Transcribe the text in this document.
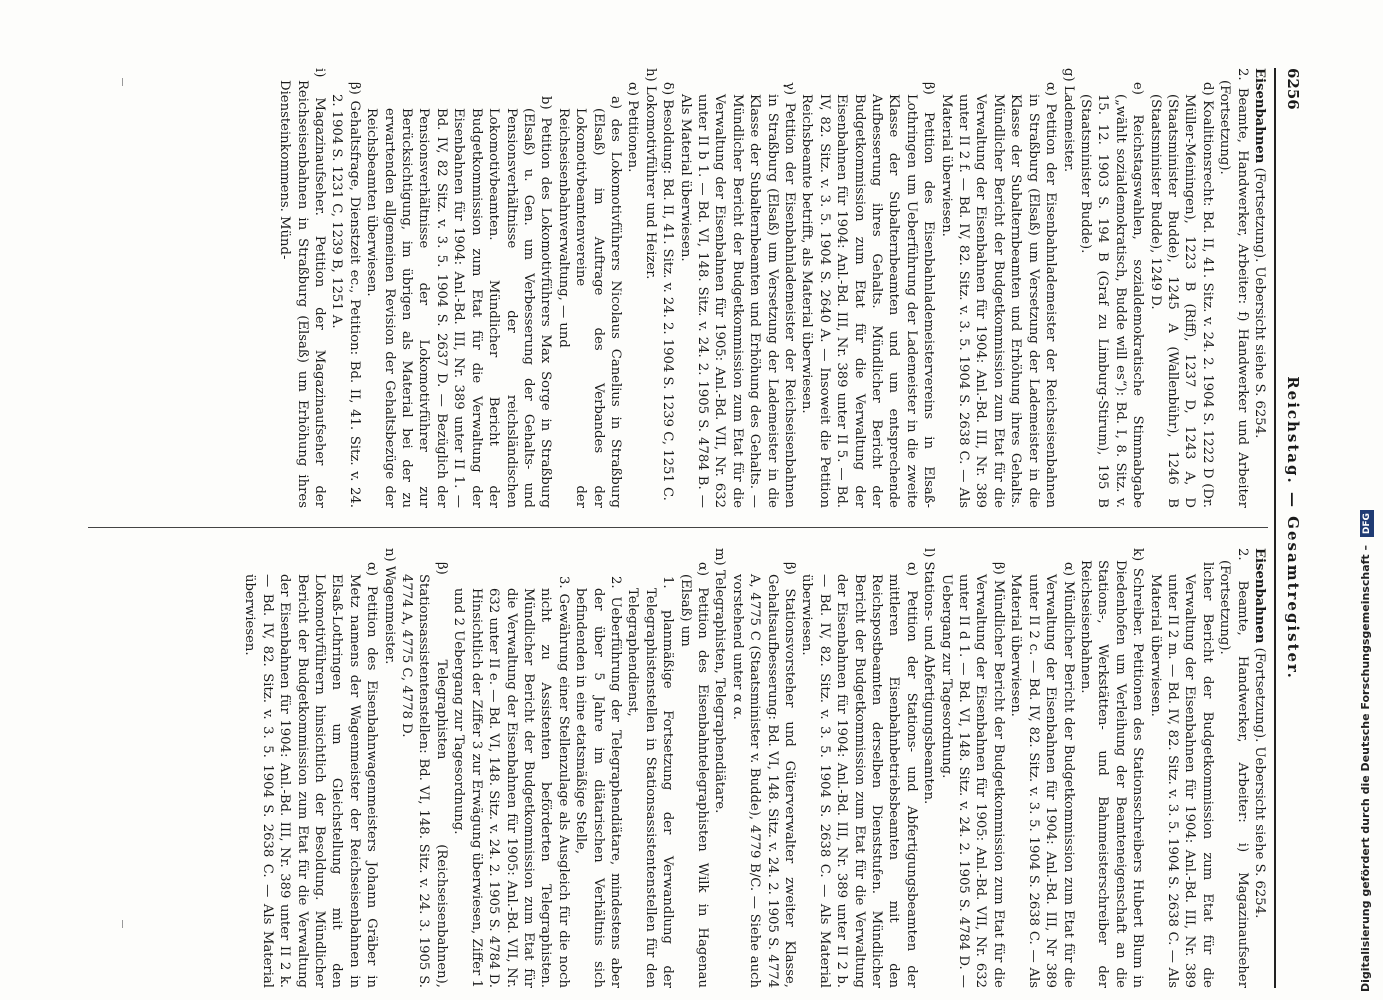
6256
Reichstag. — Gesamtregister.

Eisenbahnen (Fortsetzung). Uebersicht siehe S. 6254.

2. Beamte, Handwerker, Arbeiter: f) Handwerker und Arbeiter (Fortsetzung).

d) Koalitionsrecht: Bd. II, 41. Sitz. v. 24. 2. 1904 S. 1222 D (Dr. Müller-Meiningen), 1223 B (Riff), 1237 D, 1243 A, D (Staatsminister Budde), 1245 A (Wallenbühr), 1246 B (Staatsminister Budde), 1249 D.

e) Reichstagswahlen, sozialdemokratische Stimmabgabe („wählt sozialdemokratisch, Budde will es“): Bd. I, 8. Sitz. v. 15. 12. 1903 S. 194 B (Graf zu Limburg-Stirum), 195 B (Staatsminister Budde).

g) Lademeister.

α) Petition der Eisenbahnlademeister der Reichseisenbahnen in Straßburg (Elsaß) um Versetzung der Lademeister in die Klasse der Subalternbeamten und Erhöhung ihres Gehalts. Mündlicher Bericht der Budgetkommission zum Etat für die Verwaltung der Eisenbahnen für 1904: Anl.-Bd. III, Nr. 389 unter II 2 f. — Bd. IV, 82. Sitz. v. 3. 5. 1904 S. 2638 C. — Als Material überwiesen.

β) Petition des Eisenbahnlademeistervereins in Elsaß-Lothringen um Ueberführung der Lademeister in die zweite Klasse der Subalternbeamten und um entsprechende Aufbesserung ihres Gehalts. Mündlicher Bericht der Budgetkommission zum Etat für die Verwaltung der Eisenbahnen für 1904: Anl.-Bd. III, Nr. 389 unter II 5. — Bd. IV, 82. Sitz. v. 3. 5. 1904 S. 2640 A. — Insoweit die Petition Reichsbeamte betrifft, als Material überwiesen.

γ) Petition der Eisenbahnlademeister der Reichseisenbahnen in Straßburg (Elsaß) um Versetzung der Lademeister in die Klasse der Subalternbeamten und Erhöhung des Gehalts. — Mündlicher Bericht der Budgetkommission zum Etat für die Verwaltung der Eisenbahnen für 1905: Anl.-Bd. VII, Nr. 632 unter II b 1. — Bd. VI, 148. Sitz. v. 24. 2. 1905 S. 4784 B. — Als Material überwiesen.

δ) Besoldung: Bd. II, 41. Sitz. v. 24. 2. 1904 S. 1239 C, 1251 C.

h) Lokomotivführer und Heizer.

α) Petitionen.

a) des Lokomotivführers Nicolaus Canelius in Straßburg (Elsaß) im Auftrage des Verbandes der Lokomotivbeamtenvereine der Reichseisenbahnverwaltung, — und

b) Petition des Lokomotivführers Max Sorge in Straßburg (Elsaß) u. Gen. um Verbesserung der Gehalts- und Pensionsverhältnisse der reichsländischen Lokomotivbeamten. Mündlicher Bericht der Budgetkommission zum Etat für die Verwaltung der Eisenbahnen für 1904: Anl.-Bd. III, Nr. 389 unter II 1. — Bd. IV, 82 Sitz. v. 3. 5. 1904 S. 2637 D. — Bezüglich der Pensionsverhältnisse der Lokomotivführer zur Berücksichtigung, im übrigen als Material bei der zu erwartenden allgemeinen Revision der Gehaltsbezüge der Reichsbeamten überwiesen.

β) Gehaltsfrage, Dienstzeit ec., Petition: Bd. II, 41. Sitz. v. 24. 2. 1904 S. 1231 C, 1239 B, 1251 A.

i) Magazinaufseher. Petition der Magazinaufseher der Reichseisenbahnen in Straßburg (Elsaß) um Erhöhung ihres Diensteinkommens. Münd-

Eisenbahnen (Fortsetzung). Uebersicht siehe S. 6254.

2. Beamte, Handwerker, Arbeiter: i) Magazinaufseher (Fortsetzung).

licher Bericht der Budgetkommission zum Etat für die Verwaltung der Eisenbahnen für 1904: Anl.-Bd. III, Nr. 389 unter II 2 m. — Bd. IV, 82. Sitz. v. 3. 5. 1904 S. 2638 C. — Als Material überwiesen.

k) Schreiber. Petitionen des Stationsschreibers Hubert Blum in Diedenhofen um Verleihung der Beamteneigenschaft an die Stations-, Werkstätten- und Bahnmeisterschreiber der Reichseisenbahnen.

α) Mündlicher Bericht der Budgetkommission zum Etat für die Verwaltung der Eisenbahnen für 1904: Anl.-Bd. III, Nr 389 unter II 2 c. — Bd. IV, 82. Sitz. v. 3. 5. 1904 S. 2638 C. — Als Material überwiesen.

β) Mündlicher Bericht der Budgetkommission zum Etat für die Verwaltung der Eisenbahnen für 1905: Anl.-Bd. VII, Nr. 632 unter II d 1. — Bd. VI, 148. Sitz. v. 24. 2. 1905 S. 4784 D. — Uebergang zur Tagesordnung.

l) Stations- und Abfertigungsbeamten.

α) Petition der Stations- und Abfertigungsbeamten der mittleren Eisenbahnbetriebsbeamten mit den Reichspostbeamten derselben Dienststufen. Mündlicher Bericht der Budgetkommission zum Etat für die Verwaltung der Eisenbahnen für 1904: Anl.-Bd. III, Nr. 389 unter II 2 b. — Bd. IV, 82. Sitz. v. 3. 5. 1904 S. 2638 C. — Als Material überwiesen.

β) Stationsvorsteher und Güterverwalter zweiter Klasse, Gehaltsaufbesserung: Bd. VI, 148. Sitz. v. 24. 2. 1905 S. 4774 A, 4775 C (Staatsminister v. Budde), 4779 B/C. — Siehe auch vorstehend unter α α.

m) Telegraphisten, Telegraphendiätare.

α) Petition des Eisenbahntelegraphisten Wilk in Hagenau (Elsaß) um

1. planmäßige Fortsetzung der Verwandlung der Telegraphistenstellen in Stationsassistentenstellen für den Telegraphendienst,

2. Ueberführung der Telegraphendiätare, mindestens aber der über 5 Jahre im diätarischen Verhältnis sich befindenden in eine etatsmäßige Stelle,

3. Gewährung einer Stellenzulage als Ausgleich für die noch nicht zu Assistenten beförderten Telegraphisten. Mündlicher Bericht der Budgetkommission zum Etat für die Verwaltung der Eisenbahnen für 1905: Anl.-Bd. VII, Nr. 632 unter II e. — Bd. VI, 148. Sitz. v. 24. 2. 1905 S. 4784 D. Hinsichtlich der Ziffer 3 zur Erwägung überwiesen, Ziffer 1 und 2 Uebergang zur Tagesordnung.

β) Telegraphisten (Reichseisenbahnen), Stationsassistentenstellen: Bd. VI, 148. Sitz. v. 24. 3. 1905 S. 4774 A, 4775 C, 4778 D.

n) Wagenmeister.

α) Petition des Eisenbahnwagenmeisters Johann Gräber in Metz namens der Wagenmeister der Reichseisenbahnen in Elsaß-Lothringen um Gleichstellung mit den Lokomotivführern hinsichtlich der Besoldung. Mündlicher Bericht der Budgetkommission zum Etat für die Verwaltung der Eisenbahnen für 1904: Anl.-Bd. III, Nr. 389 unter II 2 k. — Bd. IV, 82. Sitz. v. 3. 5. 1904 S. 2638 C. — Als Material überwiesen.	Digitalisierung gefördert durch die Deutsche Forschungsgemeinschaft – DFG
